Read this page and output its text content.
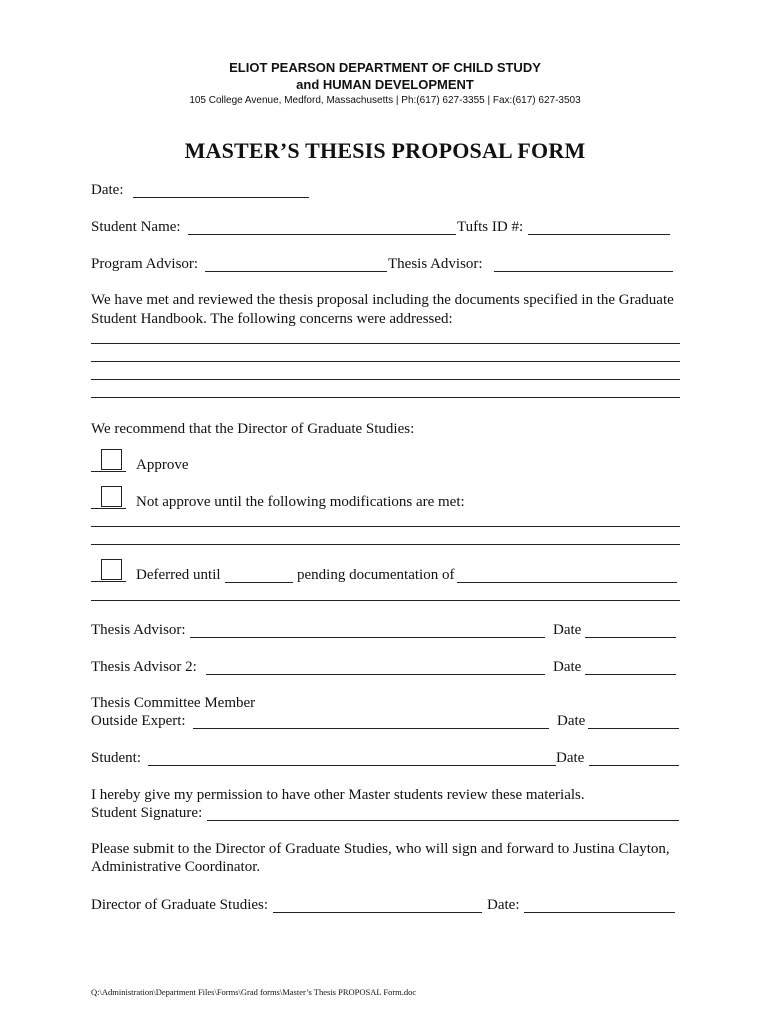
ELIOT PEARSON DEPARTMENT OF CHILD STUDY
and HUMAN DEVELOPMENT
105 College Avenue, Medford, Massachusetts | Ph:(617) 627-3355 | Fax:(617) 627-3503
MASTER’S THESIS PROPOSAL FORM
Date:
Student Name:	Tufts ID #:
Program Advisor:	Thesis Advisor:
We have met and reviewed the thesis proposal including the documents specified in the Graduate
Student Handbook. The following concerns were addressed:
We recommend that the Director of Graduate Studies:
Approve
Not approve until the following modifications are met:
Deferred until	pending documentation of
Thesis Advisor:	Date
Thesis Advisor 2:	Date
Thesis Committee Member
Outside Expert:	Date
Student:	Date
I hereby give my permission to have other Master students review these materials.
Student Signature:
Please submit to the Director of Graduate Studies, who will sign and forward to Justina Clayton,
Administrative Coordinator.
Director of Graduate Studies:	Date:
Q:\Administration\Department Files\Forms\Grad forms\Master’s Thesis PROPOSAL Form.doc
